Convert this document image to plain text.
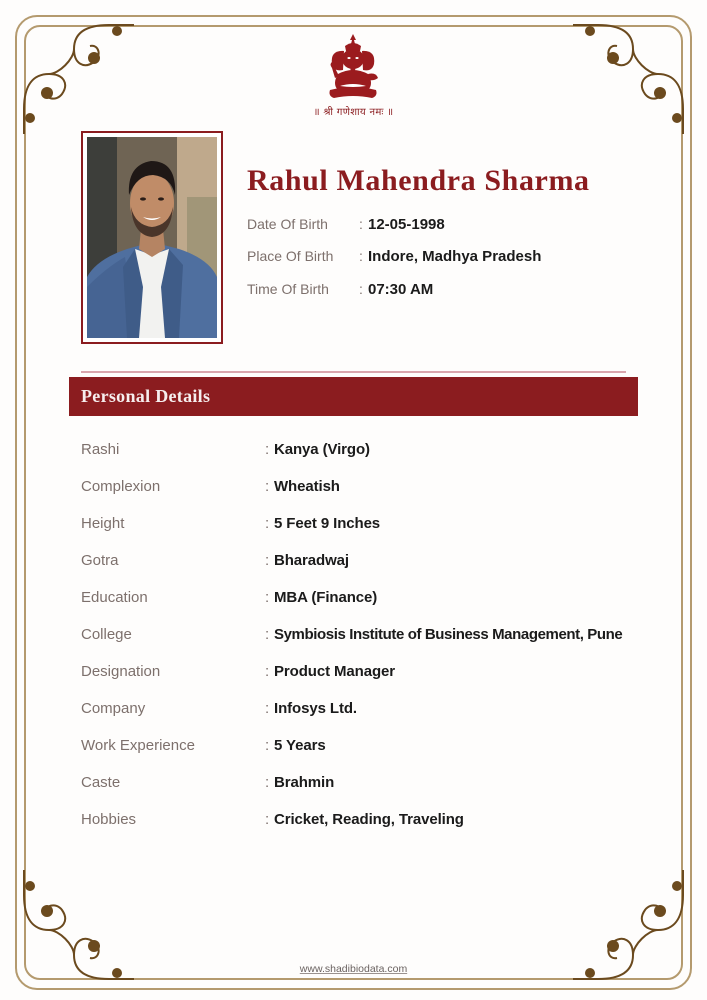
॥ श्री गणेशाय नमः ॥
Rahul Mahendra Sharma
Date Of Birth	: 12-05-1998
Place Of Birth	: Indore, Madhya Pradesh
Time Of Birth	: 07:30 AM
Personal Details
Rashi	: Kanya (Virgo)
Complexion	: Wheatish
Height	: 5 Feet 9 Inches
Gotra	: Bharadwaj
Education	: MBA (Finance)
College	: Symbiosis Institute of Business Management, Pune
Designation	: Product Manager
Company	: Infosys Ltd.
Work Experience	: 5 Years
Caste	: Brahmin
Hobbies	: Cricket, Reading, Traveling
www.shadibiodata.com
